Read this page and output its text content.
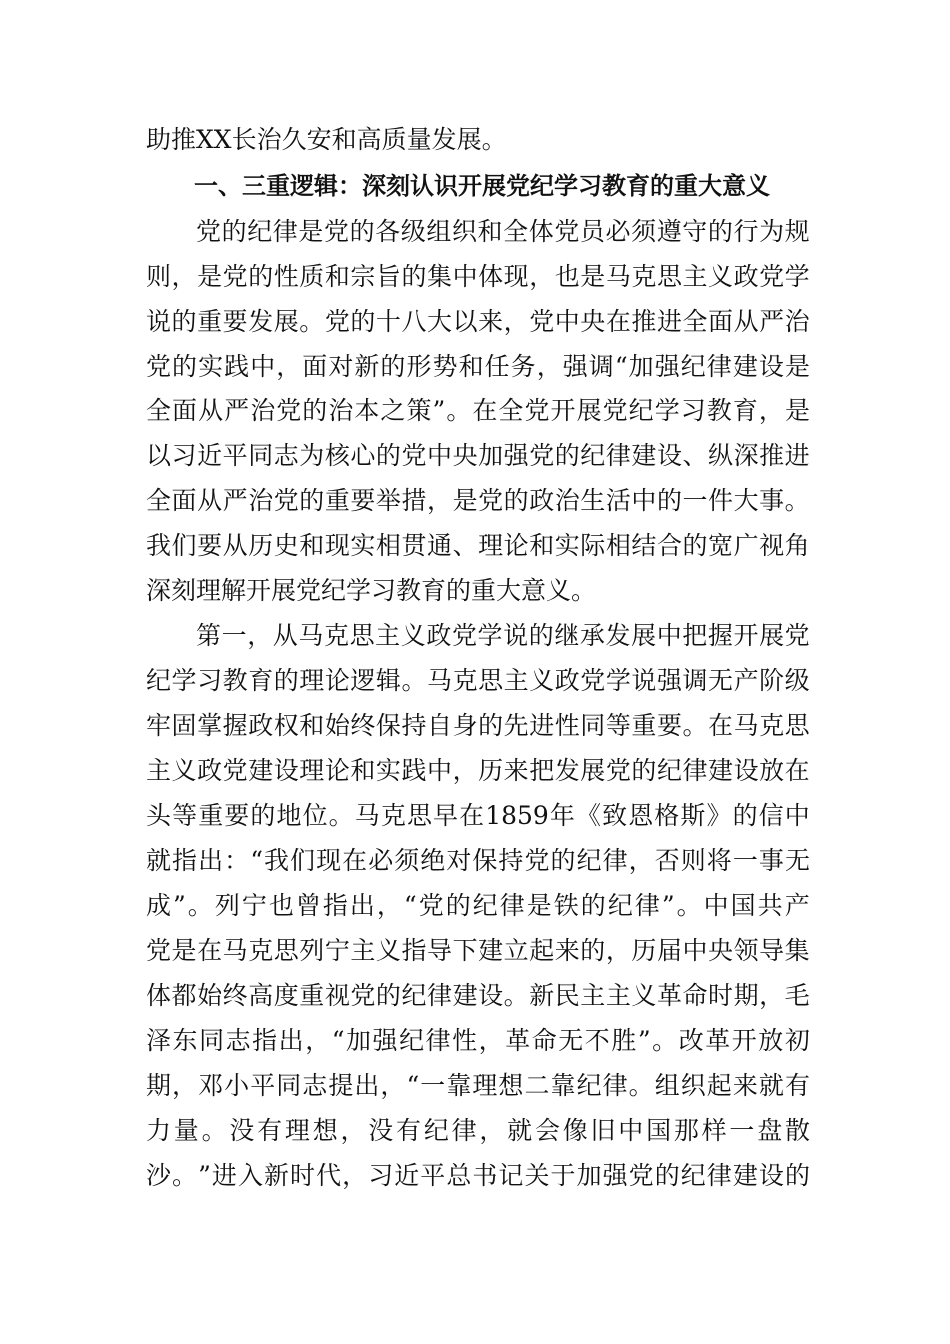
助推XX长治久安和高质量发展。
一、三重逻辑：深刻认识开展党纪学习教育的重大意义
党 的 纪 律 是 党 的 各 级 组 织 和 全 体 党 员 必 须 遵 守 的 行 为 规
则 ， 是 党 的 性 质 和 宗 旨 的 集 中 体 现 ， 也 是 马 克 思 主 义 政 党 学
说 的 重 要 发 展 。 党 的 十 八 大 以 来 ， 党 中 央 在 推 进 全 面 从 严 治
党 的 实 践 中 ， 面 对 新 的 形 势 和 任 务 ， 强 调 “ 加 强 纪 律 建 设 是
全 面 从 严 治 党 的 治 本 之 策 ” 。 在 全 党 开 展 党 纪 学 习 教 育 ， 是
以 习 近 平 同 志 为 核 心 的 党 中 央 加 强 党 的 纪 律 建 设 、 纵 深 推 进
全 面 从 严 治 党 的 重 要 举 措 ， 是 党 的 政 治 生 活 中 的 一 件 大 事 。
我 们 要 从 历 史 和 现 实 相 贯 通 、 理 论 和 实 际 相 结 合 的 宽 广 视 角
深刻理解开展党纪学习教育的重大意义。
第 一 ， 从 马 克 思 主 义 政 党 学 说 的 继 承 发 展 中 把 握 开 展 党
纪 学 习 教 育 的 理 论 逻 辑 。 马 克 思 主 义 政 党 学 说 强 调 无 产 阶 级
牢 固 掌 握 政 权 和 始 终 保 持 自 身 的 先 进 性 同 等 重 要 。 在 马 克 思
主 义 政 党 建 设 理 论 和 实 践 中 ， 历 来 把 发 展 党 的 纪 律 建 设 放 在
头 等 重 要 的 地 位 。 马 克 思 早 在 1859 年 《 致 恩 格 斯 》 的 信 中
就 指 出 ： “ 我 们 现 在 必 须 绝 对 保 持 党 的 纪 律 ， 否 则 将 一 事 无
成 ” 。 列 宁 也 曾 指 出 ， “ 党 的 纪 律 是 铁 的 纪 律 ” 。 中 国 共 产
党 是 在 马 克 思 列 宁 主 义 指 导 下 建 立 起 来 的 ， 历 届 中 央 领 导 集
体 都 始 终 高 度 重 视 党 的 纪 律 建 设 。 新 民 主 主 义 革 命 时 期 ， 毛
泽 东 同 志 指 出 ， “ 加 强 纪 律 性 ， 革 命 无 不 胜 ” 。 改 革 开 放 初
期 ， 邓 小 平 同 志 提 出 ， “ 一 靠 理 想 二 靠 纪 律 。 组 织 起 来 就 有
力 量 。 没 有 理 想 ， 没 有 纪 律 ， 就 会 像 旧 中 国 那 样 一 盘 散
沙 。 ” 进 入 新 时 代 ， 习 近 平 总 书 记 关 于 加 强 党 的 纪 律 建 设 的
